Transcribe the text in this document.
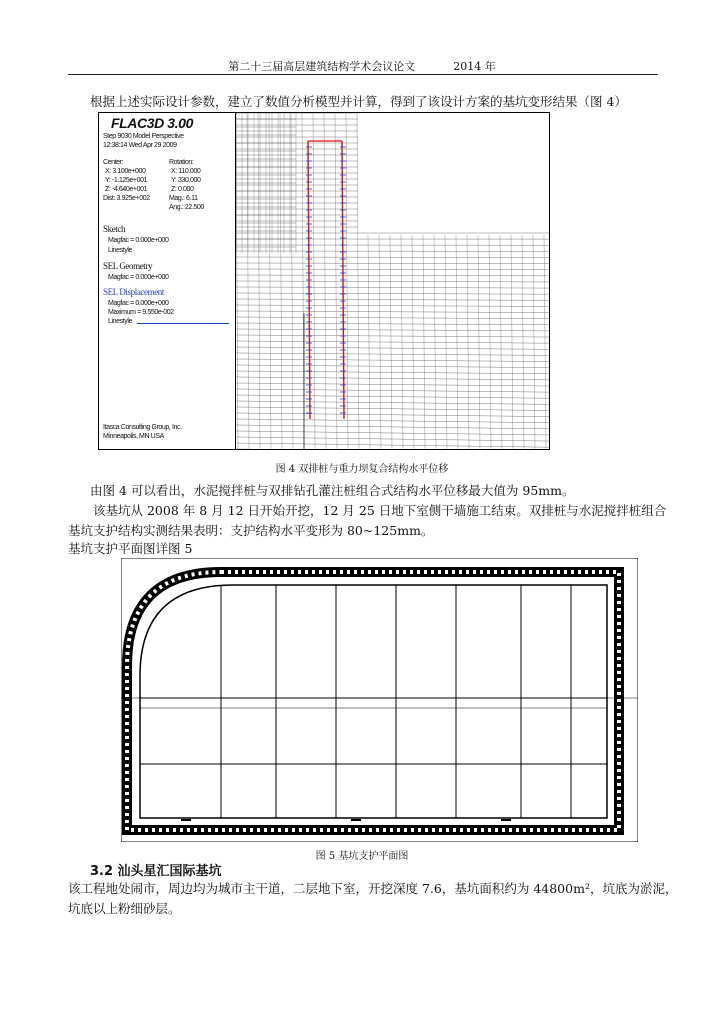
第二十三届高层建筑结构学术会议论文	2014 年

根据上述实际设计参数，建立了数值分析模型并计算，得到了该设计方案的基坑变形结果（图 4）

FLAC3D 3.00
Step 9030 Model Perspective
12:38:14 Wed Apr 29 2009
Center:
X: 3.100e+000
Y: -1.125e+001
Z: -4.640e+001
Dist: 3.925e+002
Rotation:
X: 110.000
Y: 330.000
Z: 0.000
Mag.: 6.11
Ang.: 22.500
Sketch
Magfac = 0.000e+000
Linestyle
SEL Geometry
Magfac = 0.000e+000
SEL Displacement
Magfac = 0.000e+000
Maximum = 9.550e-002
Linestyle
Itasca Consulting Group, Inc.
Minneapolis, MN USA
图 4 双排桩与重力坝复合结构水平位移

由图 4 可以看出，水泥搅拌桩与双排钻孔灌注桩组合式结构水平位移最大值为 95mm。

该基坑从 2008 年 8 月 12 日开始开挖，12 月 25 日地下室侧干墙施工结束。双排桩与水泥搅拌桩组合

基坑支护结构实测结果表明：支护结构水平变形为 80~125mm。

基坑支护平面图详图 5

图 5 基坑支护平面图
3.2 汕头星汇国际基坑

该工程地处闹市，周边均为城市主干道，二层地下室，开挖深度 7.6，基坑面积约为 44800m²，坑底为淤泥，

坑底以上粉细砂层。
